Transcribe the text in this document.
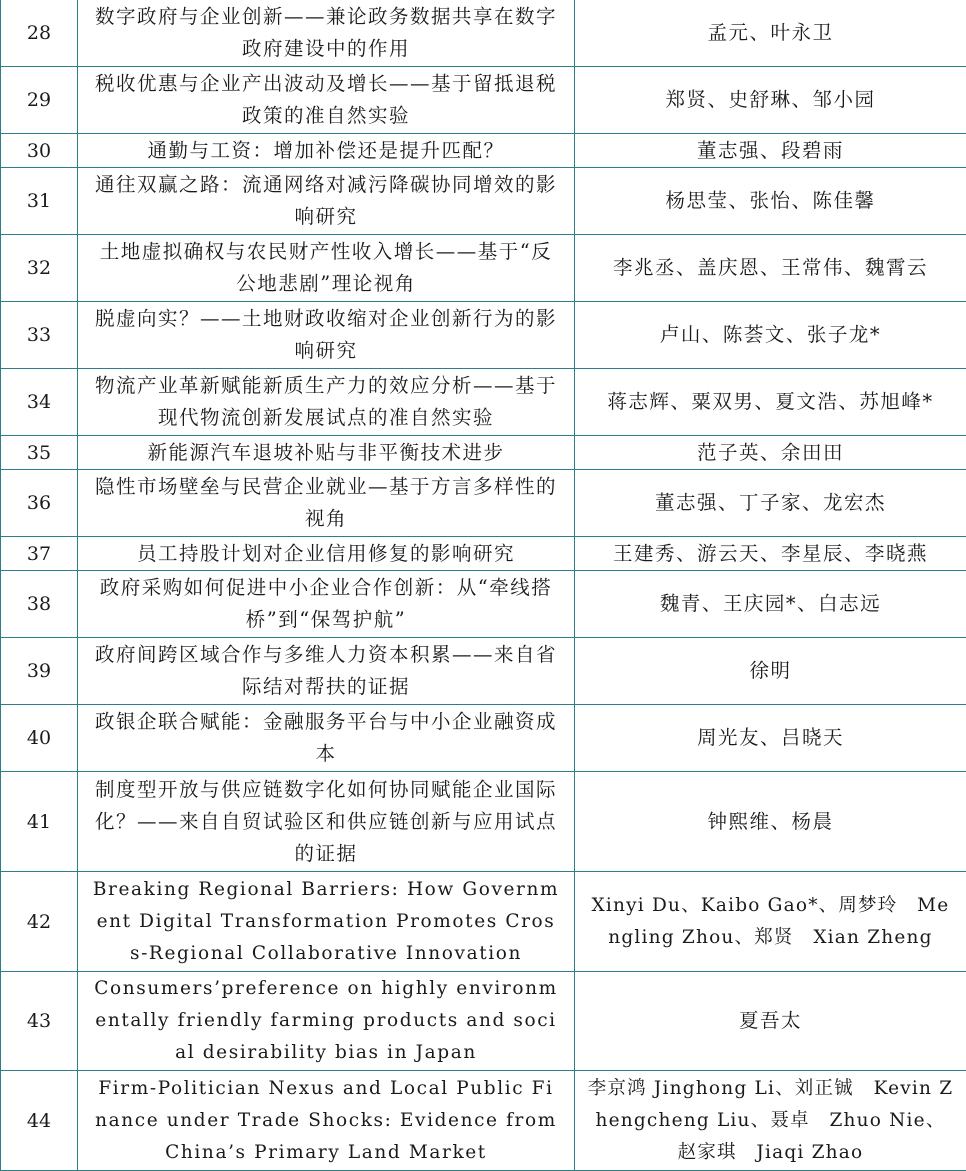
28	数字政府与企业创新——兼论政务数据共享在数字政府建设中的作用	孟元、叶永卫
29	税收优惠与企业产出波动及增长——基于留抵退税政策的准自然实验	郑贤、史舒琳、邹小园
30	通勤与工资：增加补偿还是提升匹配？	董志强、段碧雨
31	通往双赢之路：流通网络对减污降碳协同增效的影响研究	杨思莹、张怡、陈佳馨
32	土地虚拟确权与农民财产性收入增长——基于“反公地悲剧”理论视角	李兆丞、盖庆恩、王常伟、魏霄云
33	脱虚向实？——土地财政收缩对企业创新行为的影响研究	卢山、陈荟文、张子龙*
34	物流产业革新赋能新质生产力的效应分析——基于现代物流创新发展试点的准自然实验	蒋志辉、粟双男、夏文浩、苏旭峰*
35	新能源汽车退坡补贴与非平衡技术进步	范子英、余田田
36	隐性市场壁垒与民营企业就业—基于方言多样性的视角	董志强、丁子家、龙宏杰
37	员工持股计划对企业信用修复的影响研究	王建秀、游云天、李星辰、李晓燕
38	政府采购如何促进中小企业合作创新：从“牵线搭桥”到“保驾护航”	魏青、王庆园*、白志远
39	政府间跨区域合作与多维人力资本积累——来自省际结对帮扶的证据	徐明
40	政银企联合赋能：金融服务平台与中小企业融资成本	周光友、吕晓天
41	制度型开放与供应链数字化如何协同赋能企业国际化？——来自自贸试验区和供应链创新与应用试点的证据	钟熙维、杨晨
42	Breaking Regional Barriers: How Government Digital Transformation Promotes Cross-Regional Collaborative Innovation	Xinyi Du、Kaibo Gao*、周梦玲　Mengling Zhou、郑贤　Xian Zheng
43	Consumers’preference on highly environmentally friendly farming products and social desirability bias in Japan	夏吾太
44	Firm-Politician Nexus and Local Public Finance under Trade Shocks: Evidence from China’s Primary Land Market	李京鸿 Jinghong Li、刘正铖　Kevin Zhengcheng Liu、聂卓　Zhuo Nie、赵家琪　Jiaqi Zhao
